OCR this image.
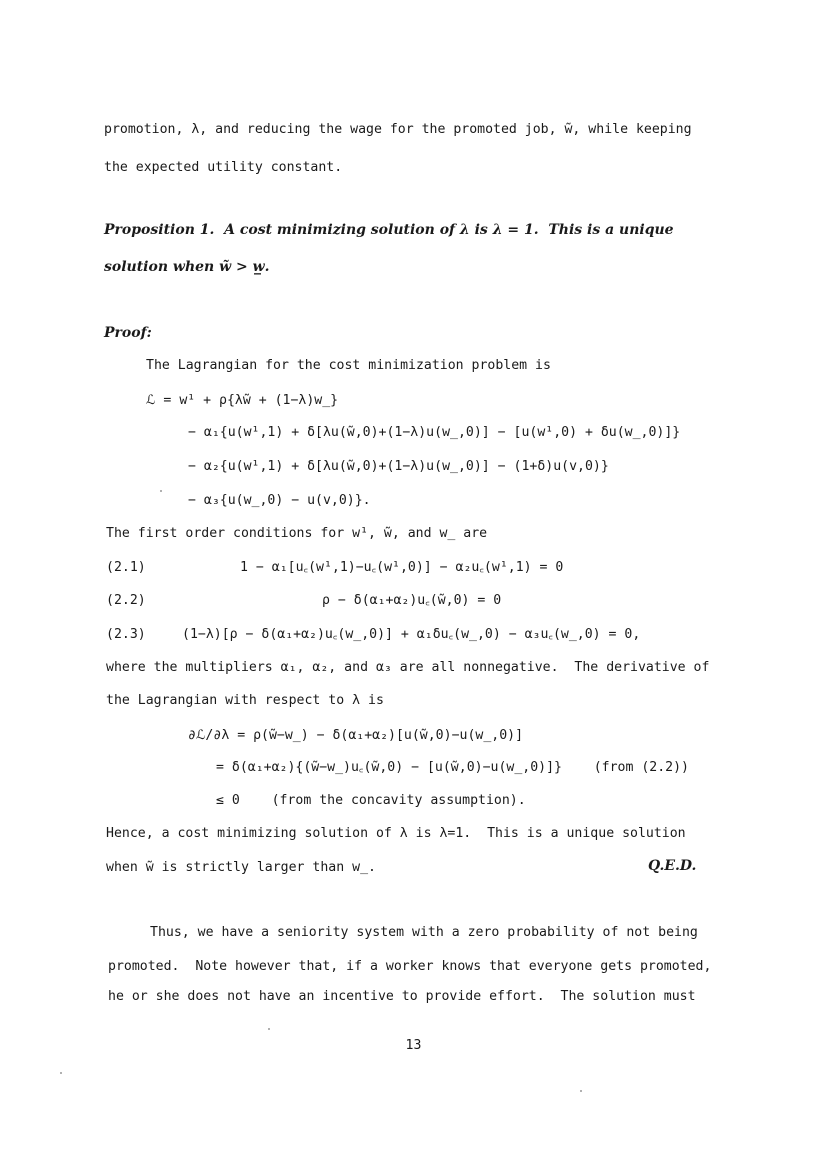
promotion, λ, and reducing the wage for the promoted job, w̃, while keeping
the expected utility constant.
Proposition 1.  A cost minimizing solution of λ is λ = 1.  This is a unique
solution when w̃ > w̲.
Proof:
The Lagrangian for the cost minimization problem is
ℒ = w¹ + ρ{λw̃ + (1−λ)w̲}
− α₁{u(w¹,1) + δ[λu(w̃,0)+(1−λ)u(w̲,0)] − [u(w¹,0) + δu(w̲,0)]}
− α₂{u(w¹,1) + δ[λu(w̃,0)+(1−λ)u(w̲,0)] − (1+δ)u(v,0)}
− α₃{u(w̲,0) − u(v,0)}.
The first order conditions for w¹, w̃, and w̲ are
(2.1)	1 − α₁[u꜀(w¹,1)−u꜀(w¹,0)] − α₂u꜀(w¹,1) = 0
(2.2)	ρ − δ(α₁+α₂)u꜀(w̃,0) = 0
(2.3)	(1−λ)[ρ − δ(α₁+α₂)u꜀(w̲,0)] + α₁δu꜀(w̲,0) − α₃u꜀(w̲,0) = 0,
where the multipliers α₁, α₂, and α₃ are all nonnegative.  The derivative of
the Lagrangian with respect to λ is
∂ℒ/∂λ = ρ(w̃−w̲) − δ(α₁+α₂)[u(w̃,0)−u(w̲,0)]
= δ(α₁+α₂){(w̃−w̲)u꜀(w̃,0) − [u(w̃,0)−u(w̲,0)]}    (from (2.2))
≤ 0    (from the concavity assumption).
Hence, a cost minimizing solution of λ is λ=1.  This is a unique solution
when w̃ is strictly larger than w̲.	Q.E.D.
Thus, we have a seniority system with a zero probability of not being
promoted.  Note however that, if a worker knows that everyone gets promoted,
he or she does not have an incentive to provide effort.  The solution must
13
